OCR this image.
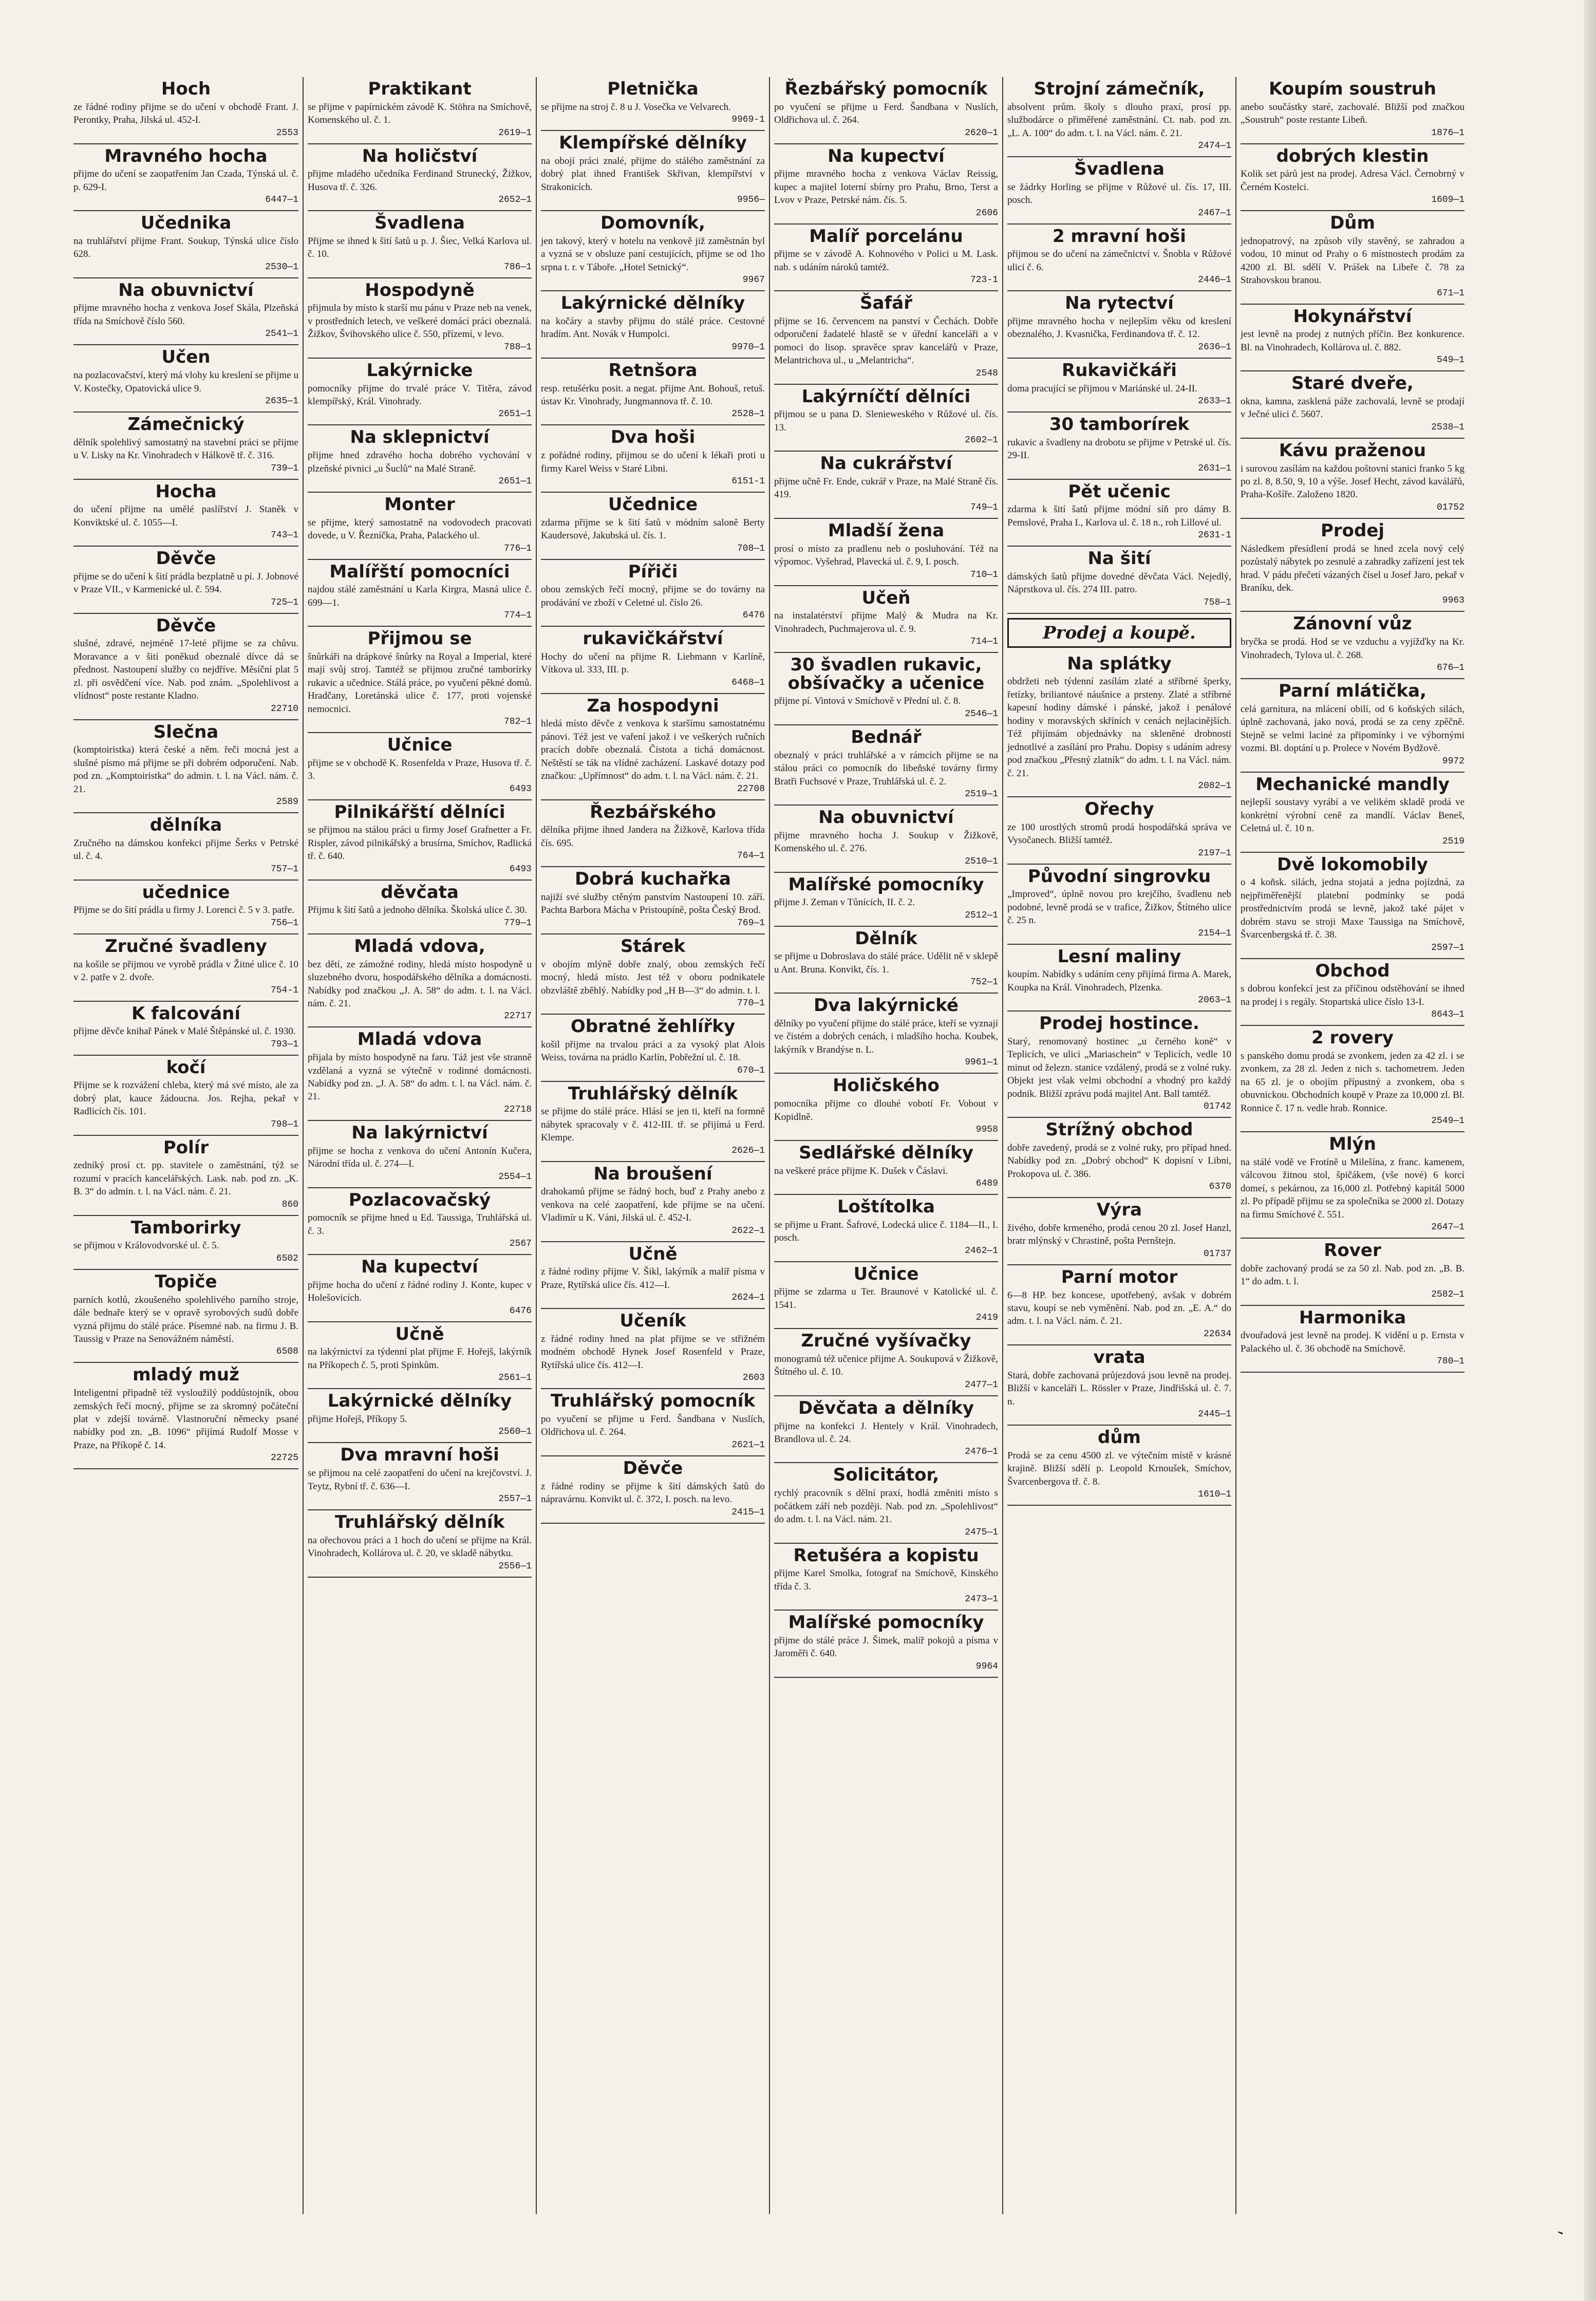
Hoch
ze řádné rodiny přijme se do učení v obchodě Frant. J. Perontky, Praha, Jilská ul. 452-I.
2553
Mravného hocha
přijme do učení se zaopatřením Jan Czada, Týnská ul. č. p. 629-I.
6447—1
Učednika
na truhlářství přijme Frant. Soukup, Týnská ulice číslo 628.
2530—1
Na obuvnictví
přijme mravného hocha z venkova Josef Skála, Plzeňská třída na Smíchově číslo 560.
2541—1
Učen
na pozlacovačství, který má vlohy ku kreslení se přijme u V. Kostečky, Opatovická ulice 9.
2635—1
Zámečnický
dělník spolehlivý samostatný na stavební práci se přijme u V. Lisky na Kr. Vinohradech v Hálkově tř. č. 316.
739—1
Hocha
do učení přijme na umělé paslířství J. Staněk v Konviktské ul. č. 1055—I.
743—1
Děvče
přijme se do učení k šití prádla bezplatně u pí. J. Jobnové v Praze VII., v Karmenické ul. č. 594.
725—1
Děvče
slušné, zdravé, nejméně 17-leté přijme se za chůvu. Moravance a v šití poněkud obeznalé dívce dá se přednost. Nastoupení služby co nejdříve. Měsíční plat 5 zl. při osvědčení více. Nab. pod znám. „Spolehlivost a vlídnost“ poste restante Kladno.
22710
Slečna
(komptoiristka) která české a něm. řeči mocná jest a slušné písmo má přijme se při dobrém odporučení. Nab. pod zn. „Komptoiristka“ do admin. t. l. na Václ. nám. č. 21.
2589
dělníka
Zručného na dámskou konfekci přijme Šerks v Petrské ul. č. 4.
757—1
učednice
Přijme se do šití prádla u firmy J. Lorenci č. 5 v 3. patře.
756—1
Zručné švadleny
na košile se přijmou ve vyrobě prádla v Žitné ulice č. 10 v 2. patře v 2. dvoře.
754-1
K falcování
přijme děvče knihař Pánek v Malé Štěpánské ul. č. 1930.
793—1
kočí
Přijme se k rozvážení chleba, který má své místo, ale za dobrý plat, kauce žádoucna. Jos. Rejha, pekař v Radlicích čís. 101.
798—1
Polír
zedníký prosí ct. pp. stavitele o zaměstnání, týž se rozumí v pracích kancelářských. Lask. nab. pod zn. „K. B. 3“ do admin. t. l. na Václ. nám. č. 21.
860
Tamborirky
se přijmou v Královodvorské ul. č. 5.
6502
Topiče
parních kotlů, zkoušeného spolehlivého parního stroje, dále bednaře který se v opravě syrobových sudů dobře vyzná přijmu do stálé práce. Písemné nab. na firmu J. B. Taussig v Praze na Senovážném náměstí.
6508
mladý muž
Inteligentní připadně též vysloužilý poddůstojník, obou zemských řečí mocný, přijme se za skromný počáteční plat v zdejší továrně. Vlastnoruční německy psané nabídky pod zn. „B. 1096“ přijímá Rudolf Mosse v Praze, na Příkopě č. 14.
22725
Praktikant
se přijme v papírnickém závodě K. Stöhra na Smíchově, Komenského ul. č. 1.
2619—1
Na holičství
přijme mladého učedníka Ferdinand Strunecký, Žižkov, Husova tř. č. 326.
2652—1
Švadlena
Přijme se ihned k šití šatů u p. J. Šiec, Velká Karlova ul. č. 10.
786—1
Hospodyně
přijmula by místo k starší mu pánu v Praze neb na venek, v prostředních letech, ve veškeré domácí práci obeznalá. Žižkov, Švihovského ulice č. 550, přízemí, v levo.
788—1
Lakýrnicke
pomocníky přijme do trvalé práce V. Titěra, závod klempířský, Král. Vinohrady.
2651—1
Na sklepnictví
přijme hned zdravého hocha dobrého vychování v plzeňské pivnici „u Šuclů“ na Malé Straně.
2651—1
Monter
se přijme, který samostatně na vodovodech pracovati dovede, u V. Řezníčka, Praha, Palackého ul.
776—1
Malířští pomocníci
najdou stálé zaměstnání u Karla Kirgra, Masná ulice č. 699—1.
774—1
Přijmou se
šnůrkáři na drápkové šnůrky na Royal a Imperial, které mají svůj stroj. Tamtéž se přijmou zručné tamborírky rukavic a učednice. Stálá práce, po vyučení pěkné domů. Hradčany, Loretánská ulice č. 177, proti vojenské nemocnici.
782—1
Učnice
přijme se v obchodě K. Rosenfelda v Praze, Husova tř. č. 3.
6493
Pilnikářští dělníci
se přijmou na stálou práci u firmy Josef Grafnetter a Fr. Rispler, závod pilnikářský a brusírna, Smíchov, Radlická tř. č. 640.
6493
děvčata
Přijmu k šití šatů a jednoho dělníka. Školská ulice č. 30.
779—1
Mladá vdova,
bez dětí, ze zámožné rodiny, hledá místo hospodyně u sluzebného dvoru, hospodářského dělníka a domácnosti. Nabídky pod značkou „J. A. 58“ do adm. t. l. na Václ. nám. č. 21.
22717
Mladá vdova
přijala by místo hospodyně na faru. Táž jest vše stranně vzdělaná a vyzná se výtečně v rodinné domácnosti. Nabídky pod zn. „J. A. 58“ do adm. t. l. na Václ. nám. č. 21.
22718
Na lakýrnictví
přijme se hocha z venkova do učení Antonín Kučera, Národní třída ul. č. 274—I.
2554—1
Pozlacovačský
pomocník se přijme hned u Ed. Taussiga, Truhlářská ul. č. 3.
2567
Na kupectví
přijme hocha do učení z řádné rodiny J. Konte, kupec v Holešovicích.
6476
Učně
na lakýrnictví za týdenní plat přijme F. Hořejš, lakýrník na Příkopech č. 5, proti Spinkům.
2561—1
Lakýrnické dělníky
přijme Hořejš, Příkopy 5.
2560—1
Dva mravní hoši
se přijmou na celé zaopatření do učení na krejčovství. J. Teytz, Rybní tř. č. 636—I.
2557—1
Truhlářský dělník
na ořechovou práci a 1 hoch do učení se přijme na Král. Vinohradech, Kollárova ul. č. 20, ve skladě nábytku.
2556—1
Pletnička
se přijme na stroj č. 8 u J. Vosečka ve Velvarech.
9969-1
Klempířské dělníky
na obojí práci znalé, přijme do stálého zaměstnání za dobrý plat ihned František Skřivan, klempířství v Strakonicích.
9956—
Domovník,
jen takový, který v hotelu na venkově již zaměstnán byl a vyzná se v obsluze paní cestujících, přijme se od 1ho srpna t. r. v Táboře. „Hotel Setnický“.
9967
Lakýrnické dělníky
na kočáry a stavby přijmu do stálé práce. Cestovné hradím. Ant. Novák v Humpolci.
9970—1
Retnšora
resp. retušérku posit. a negat. přijme Ant. Bohouš, retuš. ústav Kr. Vinohrady, Jungmannova tř. č. 10.
2528—1
Dva hoši
z pořádné rodiny, přijmou se do učení k lékaři proti u firmy Karel Weiss v Staré Libni.
6151-1
Učednice
zdarma přijme se k šití šatů v módním saloně Berty Kaudersové, Jakubská ul. čís. 1.
708—1
Pířiči
obou zemských řečí mocný, přijme se do továrny na prodávání ve zboží v Celetné ul. číslo 26.
6476
rukavičkářství
Hochy do učení na přijme R. Liebmann v Karlíně, Vítkova ul. 333, III. p.
6468—1
Za hospodyni
hledá místo děvče z venkova k staršímu samostatnému pánovi. Též jest ve vaření jakož i ve veškerých ručních pracích dobře obeznalá. Čistota a tichá domácnost. Neštěstí se ták na vlídné zacházení. Laskavé dotazy pod značkou: „Upřímnost“ do adm. t. l. na Václ. nám. č. 21.
22708
Řezbářského
dělníka přijme ihned Jandera na Žižkově, Karlova třída čís. 695.
764—1
Dobrá kuchařka
najiží své služby ctěným panstvím Nastoupení 10. září. Pachta Barbora Mácha v Pristoupíně, pošta Český Brod.
769—1
Stárek
v obojím mlýně dobře znalý, obou zemských řečí mocný, hledá místo. Jest též v oboru podnikatele obzvláště zběhlý. Nabídky pod „H B—3“ do admin. t. l.
770—1
Obratné žehlířky
košil přijme na trvalou práci a za vysoký plat Alois Weiss, továrna na prádlo Karlín, Pobřežní ul. č. 18.
670—1
Truhlářský dělník
se přijme do stálé práce. Hlásí se jen ti, kteří na formně nábytek spracovaly v č. 412-III. tř. se přijímá u Ferd. Klempe.
2626—1
Na broušení
drahokamů přijme se řádný hoch, buď z Prahy anebo z venkova na celé zaopatření, kde přijme se na učení. Vladimír u K. Váni, Jilská ul. č. 452-I.
2622—1
Učně
z řádné rodiny přijme V. Šikl, lakýrník a malíř písma v Praze, Rytířská ulice čís. 412—I.
2624—1
Učeník
z řádné rodiny hned na plat přijme se ve střižném modném obchodě Hynek Josef Rosenfeld v Praze, Rytířská ulice čís. 412—I.
2603
Truhlářský pomocník
po vyučení se přijme u Ferd. Šandbana v Nuslích, Oldřichova ul. č. 264.
2621—1
Děvče
z řádné rodiny se přijme k šití dámských šatů do nápravárnu. Konvikt ul. č. 372, I. posch. na levo.
2415—1
Řezbářský pomocník
po vyučení se přijme u Ferd. Šandbana v Nuslích, Oldřichova ul. č. 264.
2620—1
Na kupectví
přijme mravného hocha z venkova Václav Reissig, kupec a majitel loterní sbírny pro Prahu, Brno, Terst a Lvov v Praze, Petrské nám. čís. 5.
2606
Malíř porcelánu
přijme se v závodě A. Kohnového v Polici u M. Lask. nab. s udáním nároků tamtéž.
723-1
Šafář
přijme se 16. červencem na panství v Čechách. Dobře odporučení žadatelé hlastě se v úřední kanceláři a v pomoci do lisop. spravěce sprav kancelářů v Praze, Melantrichova ul., u „Melantricha“.
2548
Lakýrníčtí dělníci
přijmou se u pana D. Slenieweského v Růžové ul. čís. 13.
2602—1
Na cukrářství
přijme učně Fr. Ende, cukrář v Praze, na Malé Straně čís. 419.
749—1
Mladší žena
prosí o místo za pradlenu neb o posluhování. Též na výpomoc. Vyšehrad, Plavecká ul. č. 9, I. posch.
710—1
Učeň
na instalatérství přijme Malý & Mudra na Kr. Vinohradech, Puchmajerova ul. č. 9.
714—1
30 švadlen rukavic, obšívačky a učenice
přijme pí. Vintová v Smíchově v Přední ul. č. 8.
2546—1
Bednář
obeznalý v práci truhlářské a v rámcích přijme se na stálou práci co pomocník do libeňské továrny firmy Bratři Fuchsové v Praze, Truhlářská ul. č. 2.
2519—1
Na obuvnictví
přijme mravného hocha J. Soukup v Žižkově, Komenského ul. č. 276.
2510—1
Malířské pomocníky
přijme J. Zeman v Tůnících, II. č. 2.
2512—1
Dělník
se přijme u Dobroslava do stálé práce. Udělit ně v sklepě u Ant. Bruna. Konvikt, čís. 1.
752—1
Dva lakýrnické
dělníky po vyučení přijme do stálé práce, kteří se vyznají ve čistém a dobrých cenách, i mladšího hocha. Koubek, lakýrník v Brandýse n. L.
9961—1
Holičského
pomocníka přijme co dlouhé vobotí Fr. Vobout v Kopidlně.
9958
Sedlářské dělníky
na veškeré práce přijme K. Dušek v Čáslavi.
6489
Loštítolka
se přijme u Frant. Šafrové, Lodecká ulice č. 1184—II., I. posch.
2462—1
Učnice
přijme se zdarma u Ter. Braunové v Katolické ul. č. 1541.
2419
Zručné vyšívačky
monogramů též učenice přijme A. Soukupová v Žižkově, Štítného ul. č. 10.
2477—1
Děvčata a dělníky
přijme na konfekci J. Hentely v Král. Vinohradech, Brandlova ul. č. 24.
2476—1
Solicitátor,
rychlý pracovník s dělní praxí, hodlá změniti místo s počátkem září neb později. Nab. pod zn. „Spolehlivost“ do adm. t. l. na Václ. nám. 21.
2475—1
Retušéra a kopistu
přijme Karel Smolka, fotograf na Smíchově, Kinského třída č. 3.
2473—1
Malířské pomocníky
přijme do stálé práce J. Šimek, malíř pokojů a písma v Jaroměři č. 640.
9964
Strojní zámečník,
absolvent prům. školy s dlouho praxí, prosí pp. službodárce o přiměřené zaměstnání. Ct. nab. pod zn. „L. A. 100“ do adm. t. l. na Václ. nám. č. 21.
2474—1
Švadlena
se žádrky Horling se přijme v Růžové ul. čís. 17, III. posch.
2467—1
2 mravní hoši
přijmou se do učení na zámečnictví v. Šnobla v Růžové ulici č. 6.
2446—1
Na rytectví
přijme mravného hocha v nejlepším věku od kreslení obeznalého, J. Kvasnička, Ferdinandova tř. č. 12.
2636—1
Rukavičkáři
doma pracující se přijmou v Mariánské ul. 24-II.
2633—1
30 tamborírek
rukavic a švadleny na drobotu se přijme v Petrské ul. čís. 29-II.
2631—1
Pět učenic
zdarma k šití šatů přijme módní síň pro dámy B. Pemslové, Praha I., Karlova ul. č. 18 n., roh Lillové ul.
2631-1
Na šití
dámských šatů přijme dovedné děvčata Václ. Nejedlý, Náprstkova ul. čís. 274 III. patro.
758—1
Prodej a koupě.
Na splátky
obdržeti neb týdenní zasílám zlaté a stříbrné šperky, řetízky, briliantové náušnice a prsteny. Zlaté a stříbrné kapesní hodiny dámské i pánské, jakož i penálové hodiny v moravských skříních v cenách nejlacinějších. Též přijímám objednávky na skleněné drobnosti jednotlivé a zasílání pro Prahu. Dopisy s udáním adresy pod značkou „Přesný zlatník“ do adm. t. l. na Václ. nám. č. 21.
2082—1
Ořechy
ze 100 urostlých stromů prodá hospodářská správa ve Vysočanech. Bližší tamtéž.
2197—1
Původní singrovku
„Improved“, úplně novou pro krejčího, švadlenu neb podobné, levně prodá se v trafice, Žižkov, Štítného ulice č. 25 n.
2154—1
Lesní maliny
koupím. Nabídky s udáním ceny přijímá firma A. Marek, Koupka na Král. Vinohradech, Plzenka.
2063—1
Prodej hostince.
Starý, renomovaný hostinec „u černého koně“ v Teplicích, ve ulici „Mariaschein“ v Teplicích, vedle 10 minut od železn. stanice vzdálený, prodá se z volné ruky. Objekt jest však velmi obchodní a vhodný pro každý podnik. Bližší zprávu podá majitel Ant. Ball tamtéž.
01742
Strížný obchod
dobře zavedený, prodá se z volné ruky, pro případ hned. Nabídky pod zn. „Dobrý obchod“ K dopisní v Libni, Prokopova ul. č. 386.
6370
Výra
živého, dobře krmeného, prodá cenou 20 zl. Josef Hanzl, bratr mlýnský v Chrastině, pošta Pernštejn.
01737
Parní motor
6—8 HP. bez koncese, upotřebený, avšak v dobrém stavu, koupí se neb vyměnění. Nab. pod zn. „E. A.“ do adm. t. l. na Václ. nám. č. 21.
22634
vrata
Stará, dobře zachovaná průjezdová jsou levně na prodej. Bližší v kanceláři L. Rössler v Praze, Jindřišská ul. č. 7. n.
2445—1
dům
Prodá se za cenu 4500 zl. ve výtečním místě v krásné krajině. Bližší sdělí p. Leopold Krnoušek, Smíchov, Švarcenbergova tř. č. 8.
1610—1
Koupím soustruh
anebo součástky staré, zachovalé. Bližší pod značkou „Soustruh“ poste restante Libeň.
1876—1
dobrých klestin
Kolik set párů jest na prodej. Adresa Václ. Černobrný v Černém Kostelci.
1609—1
Dům
jednopatrový, na způsob vily stavěný, se zahradou a vodou, 10 minut od Prahy o 6 místnostech prodám za 4200 zl. Bl. sdělí V. Prášek na Libeře č. 78 za Strahovskou branou.
671—1
Hokynářství
jest levně na prodej z nutných příčin. Bez konkurence. Bl. na Vinohradech, Kollárova ul. č. 882.
549—1
Staré dveře,
okna, kamna, zasklená páže zachovalá, levně se prodají v Ječné ulici č. 5607.
2538—1
Kávu praženou
i surovou zasílám na každou poštovní stanici franko 5 kg po zl. 8, 8.50, 9, 10 a výše. Josef Hecht, závod kaválářů, Praha-Košíře. Založeno 1820.
01752
Prodej
Následkem přesídlení prodá se hned zcela nový celý pozůstalý nábytek po zesnulé a zahradky zařízení jest tek hrad. V pádu přečetí vázaných čísel u Josef Jaro, pekař v Braníku, dek.
9963
Zánovní vůz
bryčka se prodá. Hod se ve vzduchu a vyjížďky na Kr. Vinohradech, Tylova ul. č. 268.
676—1
Parní mlátička,
celá garnitura, na mlácení obilí, od 6 koňských silách, úplně zachovaná, jako nová, prodá se za ceny zpěčně. Stejně se velmi laciné za připomínky i ve výbornými vozmi. Bl. doptání u p. Prolece v Novém Bydžově.
9972
Mechanické mandly
nejlepší soustavy vyrábí a ve velikém skladě prodá ve konkrétní výrobní ceně za mandlí. Václav Beneš, Celetná ul. č. 10 n.
2519
Dvě lokomobily
o 4 koňsk. silách, jedna stojatá a jedna pojízdná, za nejpřiměřenější platební podmínky se podá prostřednictvím prodá se levně, jakož také pájet v dobrém stavu se stroji Maxe Taussiga na Smíchově, Švarcenbergská tř. č. 38.
2597—1
Obchod
s dobrou konfekcí jest za příčinou odstěhování se ihned na prodej i s regály. Stopartská ulice číslo 13-I.
8643—1
2 rovery
s panského domu prodá se zvonkem, jeden za 42 zl. i se zvonkem, za 28 zl. Jeden z nich s. tachometrem. Jeden na 65 zl. je o obojím přípustný a zvonkem, oba s obuvnickou. Obchodních koupě v Praze za 10,000 zl. Bl. Ronnice č. 17 n. vedle hrab. Ronnice.
2549—1
Mlýn
na stálé vodě ve Frotíně u Milešína, z franc. kamenem, válcovou žitnou stol, špičákem, (vše nové) 6 korcí domeí, s pekárnou, za 16,000 zl. Potřebný kapitál 5000 zl. Po případě přijmu se za společníka se 2000 zl. Dotazy na firmu Smíchové č. 551.
2647—1
Rover
dobře zachovaný prodá se za 50 zl. Nab. pod zn. „B. B. 1“ do adm. t. l.
2582—1
Harmonika
dvouřadová jest levně na prodej. K vidění u p. Ernsta v Palackého ul. č. 36 obchodě na Smíchově.
780—1
,
